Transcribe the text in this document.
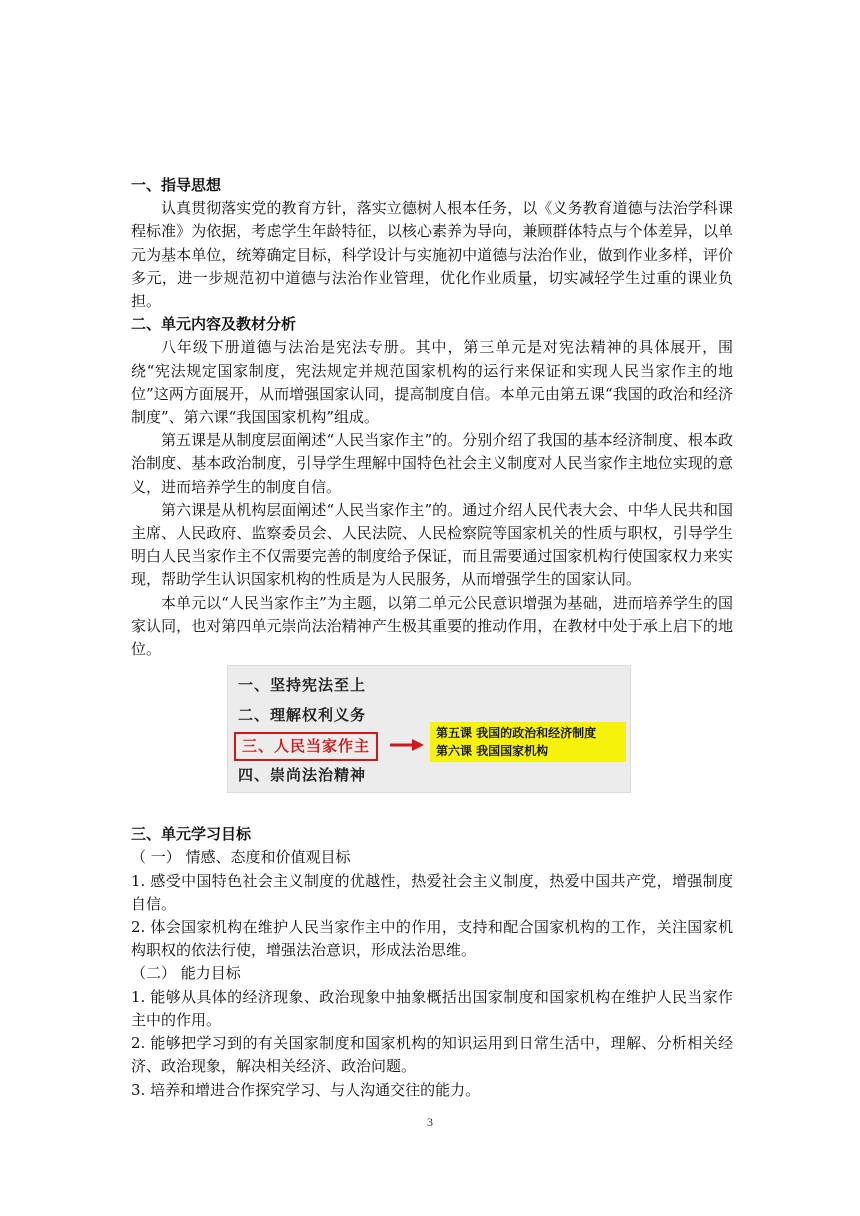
一、指导思想

认真贯彻落实党的教育方针，落实立德树人根本任务，以《义务教育道德与法治学科课程标准》为依据，考虑学生年龄特征，以核心素养为导向，兼顾群体特点与个体差异，以单元为基本单位，统筹确定目标，科学设计与实施初中道德与法治作业，做到作业多样，评价多元，进一步规范初中道德与法治作业管理，优化作业质量，切实减轻学生过重的课业负担。

二、单元内容及教材分析

八年级下册道德与法治是宪法专册。其中，第三单元是对宪法精神的具体展开，围绕“宪法规定国家制度，宪法规定并规范国家机构的运行来保证和实现人民当家作主的地位”这两方面展开，从而增强国家认同，提高制度自信。本单元由第五课“我国的政治和经济制度”、第六课“我国国家机构”组成。

第五课是从制度层面阐述“人民当家作主”的。分别介绍了我国的基本经济制度、根本政治制度、基本政治制度，引导学生理解中国特色社会主义制度对人民当家作主地位实现的意义，进而培养学生的制度自信。

第六课是从机构层面阐述“人民当家作主”的。通过介绍人民代表大会、中华人民共和国主席、人民政府、监察委员会、人民法院、人民检察院等国家机关的性质与职权，引导学生明白人民当家作主不仅需要完善的制度给予保证，而且需要通过国家机构行使国家权力来实现，帮助学生认识国家机构的性质是为人民服务，从而增强学生的国家认同。

本单元以“人民当家作主”为主题，以第二单元公民意识增强为基础，进而培养学生的国家认同，也对第四单元崇尚法治精神产生极其重要的推动作用，在教材中处于承上启下的地位。

一、坚持宪法至上
二、理解权利义务
三、人民当家作主
四、崇尚法治精神
第五课 我国的政治和经济制度
第六课 我国国家机构

三、单元学习目标

（ 一） 情感、态度和价值观目标

1. 感受中国特色社会主义制度的优越性，热爱社会主义制度，热爱中国共产党，增强制度自信。

2. 体会国家机构在维护人民当家作主中的作用，支持和配合国家机构的工作，关注国家机构职权的依法行使，增强法治意识，形成法治思维。

（二） 能力目标

1. 能够从具体的经济现象、政治现象中抽象概括出国家制度和国家机构在维护人民当家作主中的作用。

2. 能够把学习到的有关国家制度和国家机构的知识运用到日常生活中，理解、分析相关经济、政治现象，解决相关经济、政治问题。

3. 培养和增进合作探究学习、与人沟通交往的能力。

3
